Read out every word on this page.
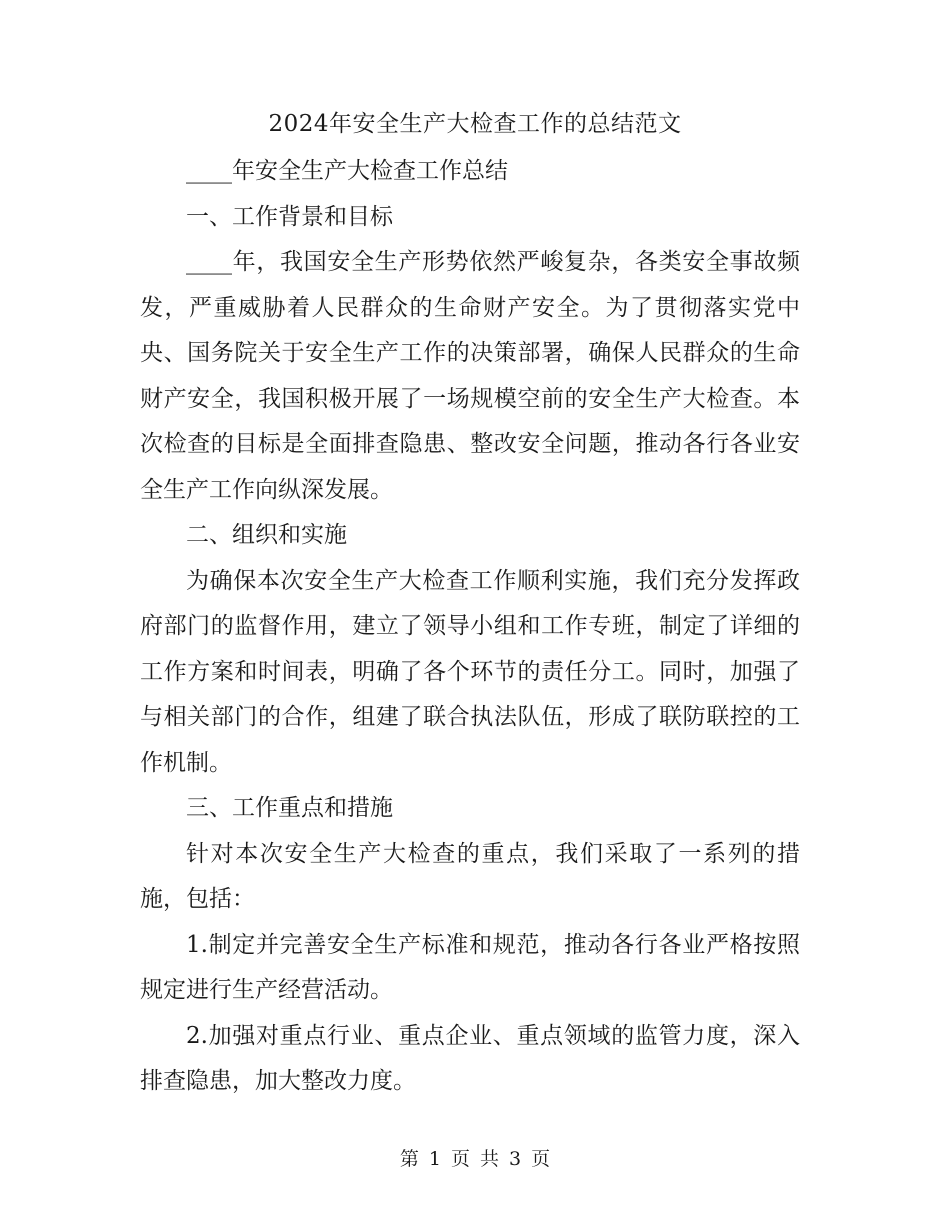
2024年安全生产大检查工作的总结范文

____年安全生产大检查工作总结

一、工作背景和目标

____年，我国安全生产形势依然严峻复杂，各类安全事故频发，严重威胁着人民群众的生命财产安全。为了贯彻落实党中央、国务院关于安全生产工作的决策部署，确保人民群众的生命财产安全，我国积极开展了一场规模空前的安全生产大检查。本次检查的目标是全面排查隐患、整改安全问题，推动各行各业安全生产工作向纵深发展。

二、组织和实施

为确保本次安全生产大检查工作顺利实施，我们充分发挥政府部门的监督作用，建立了领导小组和工作专班，制定了详细的工作方案和时间表，明确了各个环节的责任分工。同时，加强了与相关部门的合作，组建了联合执法队伍，形成了联防联控的工作机制。

三、工作重点和措施

针对本次安全生产大检查的重点，我们采取了一系列的措施，包括：

1.制定并完善安全生产标准和规范，推动各行各业严格按照规定进行生产经营活动。

2.加强对重点行业、重点企业、重点领域的监管力度，深入排查隐患，加大整改力度。

第 1 页 共 3 页
